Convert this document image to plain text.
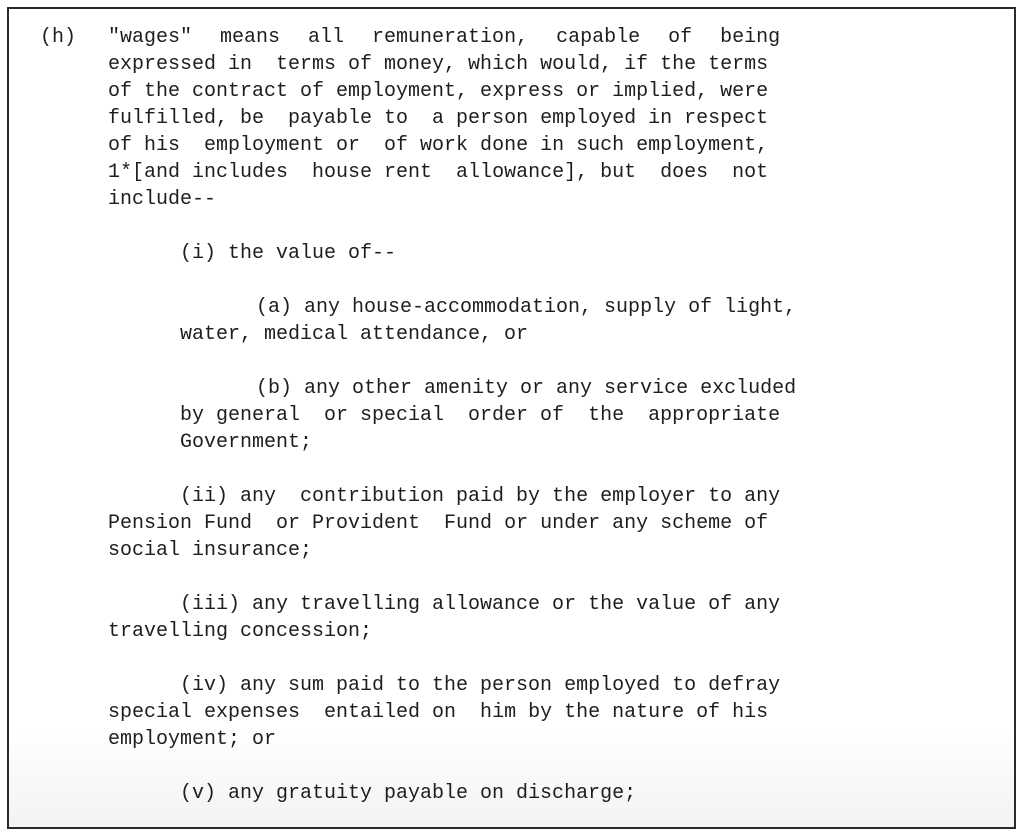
(h) "wages"  means  all  remuneration,  capable  of  being
expressed in  terms of money, which would, if the terms
of the contract of employment, express or implied, were
fulfilled, be  payable to  a person employed in respect
of his  employment or  of work done in such employment,
1*[and includes  house rent  allowance], but  does  not
include--
(i) the value of--
(a) any house-accommodation, supply of light,
water, medical attendance, or
(b) any other amenity or any service excluded
by general  or special  order of  the  appropriate
Government;
(ii) any  contribution paid by the employer to any
Pension Fund  or Provident  Fund or under any scheme of
social insurance;
(iii) any travelling allowance or the value of any
travelling concession;
(iv) any sum paid to the person employed to defray
special expenses  entailed on  him by the nature of his
employment; or
(v) any gratuity payable on discharge;
